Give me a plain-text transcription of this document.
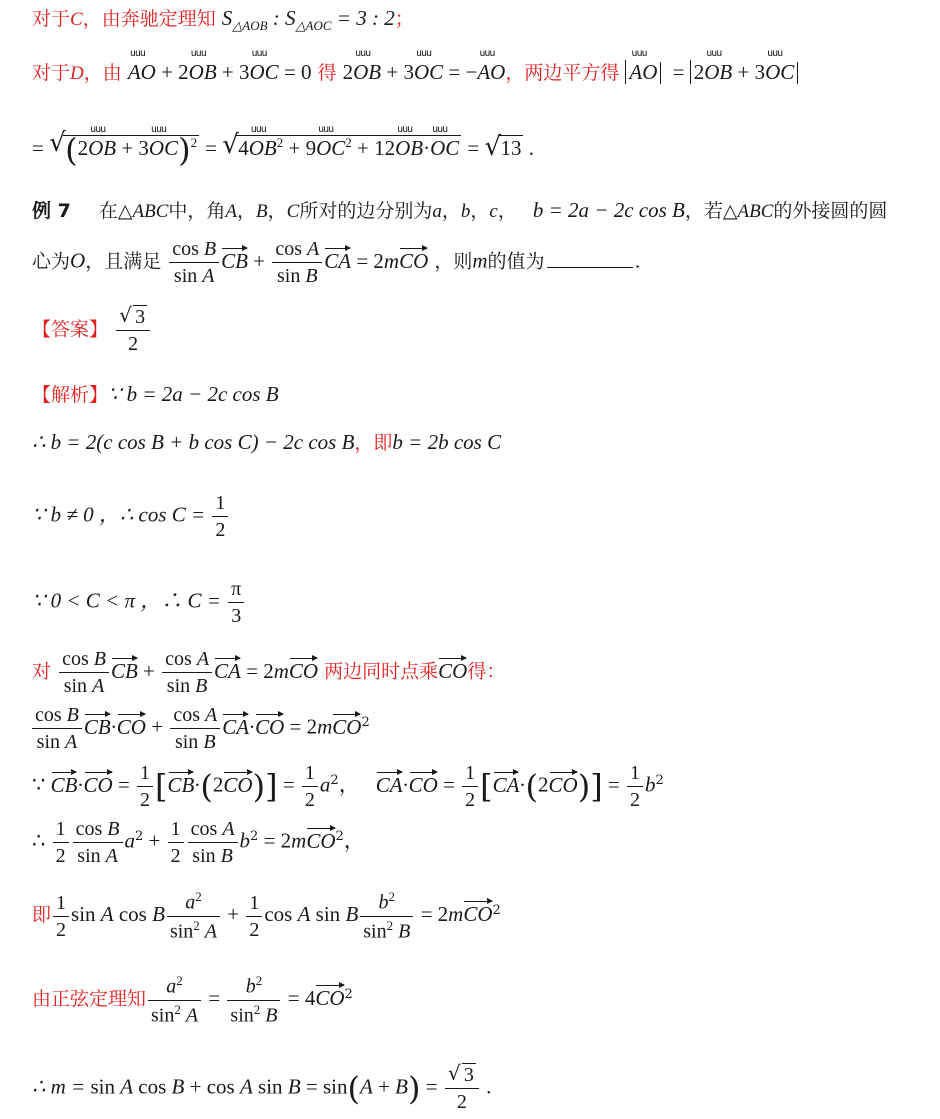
对于C，由奔驰定理知 $S_{\triangle AOB}$ : $S_{\triangle AOC} = 3$ : 2；
对于D，由
uuu
AO + 2
uuu
OB + 3
uuu
OC = 0 得 2
uuu
OB + 3
uuu
OC = −
uuu
AO，两边平方得
uuu
AO = 2
uuu
OB + 3
uuu
OC
= √ (2
uuu
OB + 3
uuu
OC)$^2$ = √ 4
uuu
$OB^2 + 9$
uuu
$OC^2 + 12$
uuu
OB·
uuu
OC = √ 13 .
例 7 在△ABC中，角A，B，C所对的边分别为a，b，c， b = 2a − 2c cos B，若△ABC的外接圆的圆
心为O，且满足 $\frac{\text{cos B}}{\text{sin A}}$ CB + $\frac{\text{cos A}}{\text{sin B}}$ CA = 2mCO ，则m的值为	.
【答案】 $\frac{√ 3}{2}$
【解析】∵ b = 2a − 2c cos B
∴ b = 2(c cos B + b cos C) − 2c cos B，即b = 2b cos C
∵ b ≠ 0 ，∴ $\cos C = \frac{1}{2}$
∵ 0 < C < π ，∴ $C = \frac{\pi}{3}$
对 $\frac{\text{cos B}}{\text{sin A}}$ CB + $\frac{\text{cos A}}{\text{sin B}}$ CA = 2mCO 两边同时点乘CO得：
$\frac{\text{cos B}}{\text{sin A}} CB\cdot CO + \frac{\text{cos A}}{\text{sin B}} CA\cdot CO = 2mCO^2$
∵ $CB\cdot CO = \frac{1}{2} [CB\cdot(2CO)] = \frac{1}{2} a^2$， $CA\cdot CO = \frac{1}{2} [CA\cdot(2CO)] = \frac{1}{2} b^2$
∴ $\frac{1}{2} \frac{\text{cos B}}{\text{sin A}} a^2 + \frac{1}{2} \frac{\text{cos A}}{\text{sin B}} b^2 = 2mCO^2$，
即 $\frac{1}{2}$ sin A cos B $\frac{a^2}{\sin^2 A} + \frac{1}{2}$ cos A sin B $\frac{b^2}{\sin^2 B} = 2mCO^2$
由正弦定理知 $\frac{a^2}{\sin^2 A} = \frac{b^2}{\sin^2 B} = 4CO^2$
∴ m = sin A cos B + cos A $\sin B = \sin(A + B) = \frac{√ 3}{2}$ .
